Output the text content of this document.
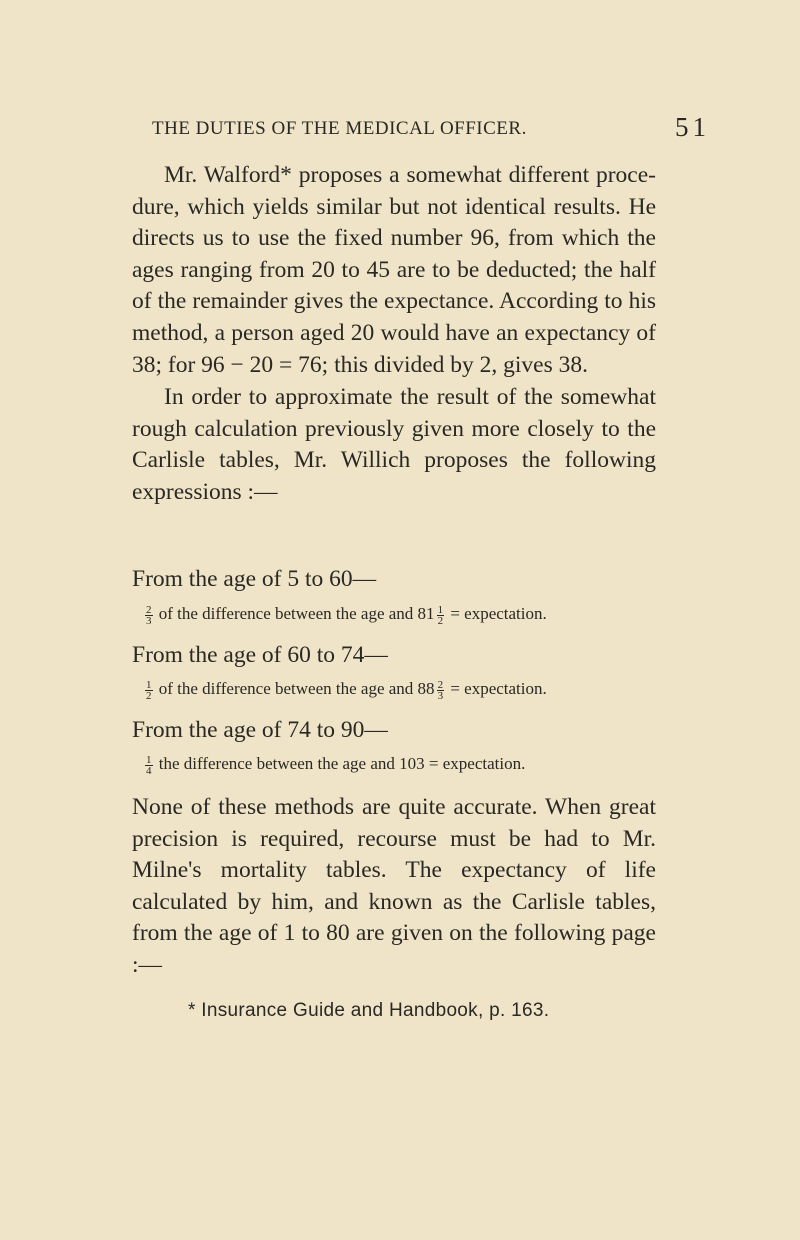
THE DUTIES OF THE MEDICAL OFFICER.	51
Mr. Walford* proposes a somewhat different procedure, which yields similar but not identical results. He directs us to use the fixed number 96, from which the ages ranging from 20 to 45 are to be deducted; the half of the remainder gives the expectance. According to his method, a person aged 20 would have an expectancy of 38; for 96 − 20 = 76; this divided by 2, gives 38.
In order to approximate the result of the somewhat rough calculation previously given more closely to the Carlisle tables, Mr. Willich proposes the following expressions :—
From the age of 5 to 60—
$\frac{2}{3}$ of the difference between the age and $81 \frac{1}{2}$ = expectation.
From the age of 60 to 74—
$\frac{1}{2}$ of the difference between the age and $88 \frac{2}{3}$ = expectation.
From the age of 74 to 90—
$\frac{1}{4}$ the difference between the age and 103 = expectation.
None of these methods are quite accurate. When great precision is required, recourse must be had to Mr. Milne's mortality tables. The expectancy of life calculated by him, and known as the Carlisle tables, from the age of 1 to 80 are given on the following page :—
* Insurance Guide and Handbook, p. 163.
